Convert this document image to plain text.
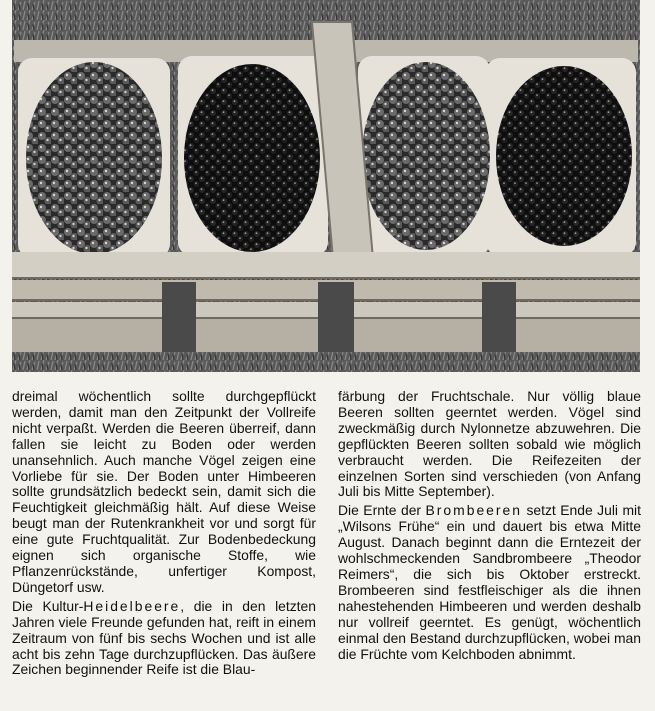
dreimal wöchentlich sollte durchgepflückt werden, damit man den Zeitpunkt der Vollreife nicht verpaßt. Werden die Beeren überreif, dann fallen sie leicht zu Boden oder werden unansehnlich. Auch manche Vögel zeigen eine Vorliebe für sie. Der Boden unter Himbeeren sollte grundsätzlich bedeckt sein, damit sich die Feuchtigkeit gleichmäßig hält. Auf diese Weise beugt man der Rutenkrankheit vor und sorgt für eine gute Fruchtqualität. Zur Bodenbedeckung eignen sich organische Stoffe, wie Pflanzenrückstände, unfertiger Kompost, Düngetorf usw.

Die Kultur-Heidelbeere, die in den letzten Jahren viele Freunde gefunden hat, reift in einem Zeitraum von fünf bis sechs Wochen und ist alle acht bis zehn Tage durchzupflücken. Das äußere Zeichen beginnender Reife ist die Blau-

färbung der Fruchtschale. Nur völlig blaue Beeren sollten geerntet werden. Vögel sind zweckmäßig durch Nylonnetze abzuwehren. Die gepflückten Beeren sollten sobald wie möglich verbraucht werden. Die Reifezeiten der einzelnen Sorten sind verschieden (von Anfang Juli bis Mitte September).

Die Ernte der Brombeeren setzt Ende Juli mit „Wilsons Frühe“ ein und dauert bis etwa Mitte August. Danach beginnt dann die Erntezeit der wohlschmeckenden Sandbrombeere „Theodor Reimers“, die sich bis Oktober erstreckt. Brombeeren sind festfleischiger als die ihnen nahestehenden Himbeeren und werden deshalb nur vollreif geerntet. Es genügt, wöchentlich einmal den Bestand durchzupflücken, wobei man die Früchte vom Kelchboden abnimmt.
